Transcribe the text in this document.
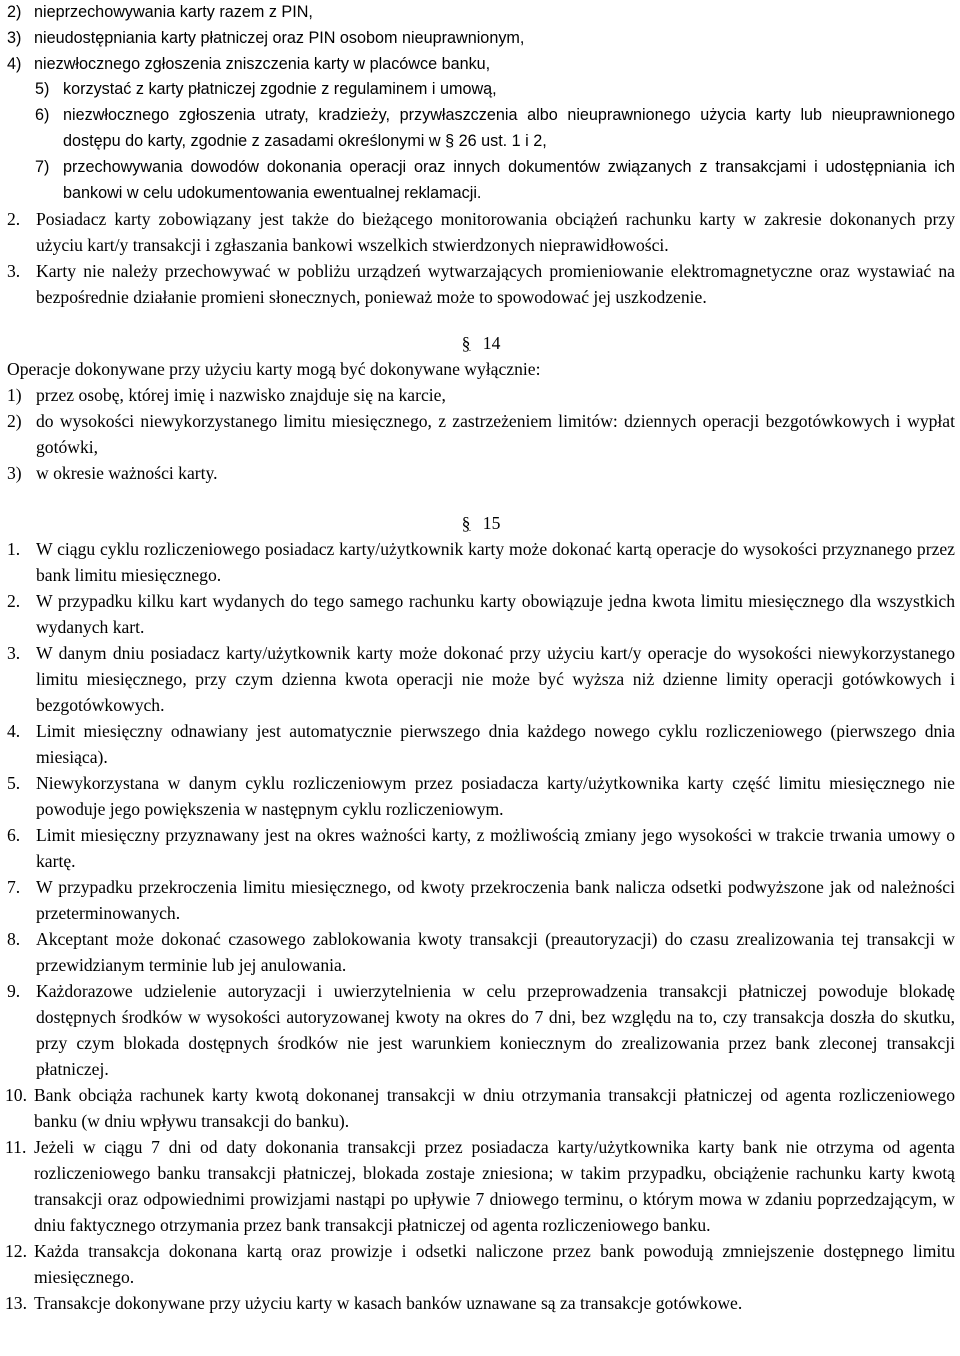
2) nieprzechowywania karty razem z PIN,
3) nieudostępniania karty płatniczej oraz PIN osobom nieuprawnionym,
4) niezwłocznego zgłoszenia zniszczenia karty w placówce banku,
5) korzystać z karty płatniczej zgodnie z regulaminem i umową,
6) niezwłocznego zgłoszenia utraty, kradzieży, przywłaszczenia albo nieuprawnionego użycia karty lub nieuprawnionego dostępu do karty, zgodnie z zasadami określonymi w § 26 ust. 1 i 2,
7) przechowywania dowodów dokonania operacji oraz innych dokumentów związanych z transakcjami i udostępniania ich bankowi w celu udokumentowania ewentualnej reklamacji.
2. Posiadacz karty zobowiązany jest także do bieżącego monitorowania obciążeń rachunku karty w zakresie dokonanych przy użyciu kart/y transakcji i zgłaszania bankowi wszelkich stwierdzonych nieprawidłowości.
3. Karty nie należy przechowywać w pobliżu urządzeń wytwarzających promieniowanie elektromagnetyczne oraz wystawiać na bezpośrednie działanie promieni słonecznych, ponieważ może to spowodować jej uszkodzenie.
§ 14
Operacje dokonywane przy użyciu karty mogą być dokonywane wyłącznie:
1) przez osobę, której imię i nazwisko znajduje się na karcie,
2) do wysokości niewykorzystanego limitu miesięcznego, z zastrzeżeniem limitów: dziennych operacji bezgotówkowych i wypłat gotówki,
3) w okresie ważności karty.
§ 15
1. W ciągu cyklu rozliczeniowego posiadacz karty/użytkownik karty może dokonać kartą operacje do wysokości przyznanego przez bank limitu miesięcznego.
2. W przypadku kilku kart wydanych do tego samego rachunku karty obowiązuje jedna kwota limitu miesięcznego dla wszystkich wydanych kart.
3. W danym dniu posiadacz karty/użytkownik karty może dokonać przy użyciu kart/y operacje do wysokości niewykorzystanego limitu miesięcznego, przy czym dzienna kwota operacji nie może być wyższa niż dzienne limity operacji gotówkowych i bezgotówkowych.
4. Limit miesięczny odnawiany jest automatycznie pierwszego dnia każdego nowego cyklu rozliczeniowego (pierwszego dnia miesiąca).
5. Niewykorzystana w danym cyklu rozliczeniowym przez posiadacza karty/użytkownika karty część limitu miesięcznego nie powoduje jego powiększenia w następnym cyklu rozliczeniowym.
6. Limit miesięczny przyznawany jest na okres ważności karty, z możliwością zmiany jego wysokości w trakcie trwania umowy o kartę.
7. W przypadku przekroczenia limitu miesięcznego, od kwoty przekroczenia bank nalicza odsetki podwyższone jak od należności przeterminowanych.
8. Akceptant może dokonać czasowego zablokowania kwoty transakcji (preautoryzacji) do czasu zrealizowania tej transakcji w przewidzianym terminie lub jej anulowania.
9. Każdorazowe udzielenie autoryzacji i uwierzytelnienia w celu przeprowadzenia transakcji płatniczej powoduje blokadę dostępnych środków w wysokości autoryzowanej kwoty na okres do 7 dni, bez względu na to, czy transakcja doszła do skutku, przy czym blokada dostępnych środków nie jest warunkiem koniecznym do zrealizowania przez bank zleconej transakcji płatniczej.
10. Bank obciąża rachunek karty kwotą dokonanej transakcji w dniu otrzymania transakcji płatniczej od agenta rozliczeniowego banku (w dniu wpływu transakcji do banku).
11. Jeżeli w ciągu 7 dni od daty dokonania transakcji przez posiadacza karty/użytkownika karty bank nie otrzyma od agenta rozliczeniowego banku transakcji płatniczej, blokada zostaje zniesiona; w takim przypadku, obciążenie rachunku karty kwotą transakcji oraz odpowiednimi prowizjami nastąpi po upływie 7 dniowego terminu, o którym mowa w zdaniu poprzedzającym, w dniu faktycznego otrzymania przez bank transakcji płatniczej od agenta rozliczeniowego banku.
12. Każda transakcja dokonana kartą oraz prowizje i odsetki naliczone przez bank powodują zmniejszenie dostępnego limitu miesięcznego.
13. Transakcje dokonywane przy użyciu karty w kasach banków uznawane są za transakcje gotówkowe.
